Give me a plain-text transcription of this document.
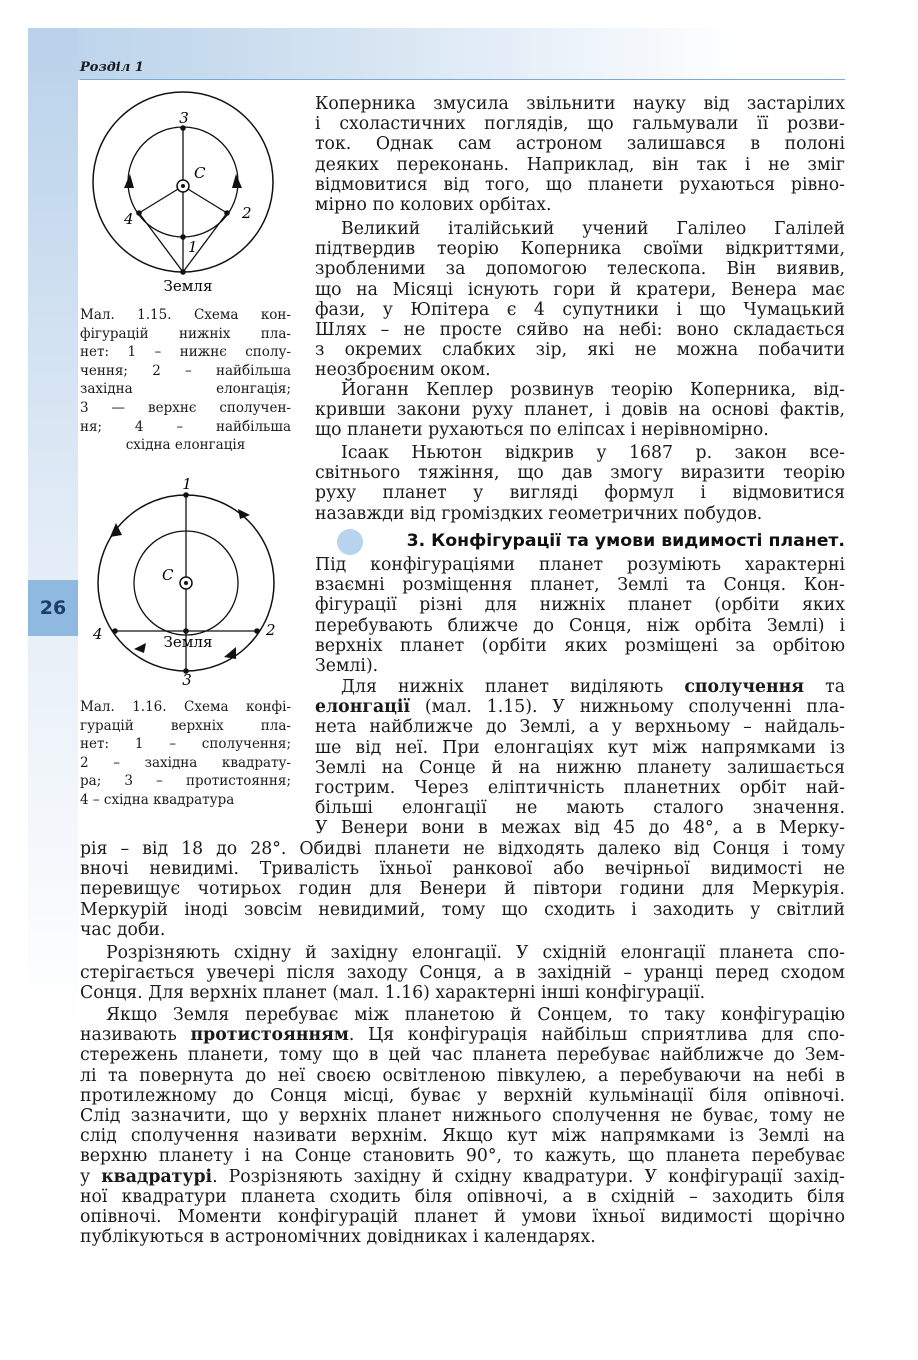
Розділ 1
26
3
C
4	2
1
Земля
Мал. 1.15. Схема кон-
фігурацій нижніх пла-
нет: 1 – нижнє сполу-
чення; 2 – найбільша
західна елонгація;
3 — верхнє сполучен-
ня; 4 – найбільша
східна елонгація
1
C
4	2
Земля
3
Мал. 1.16. Схема конфі-
гурацій верхніх пла-
нет: 1 – сполучення;
2 – західна квадрату-
ра; 3 – протистояння;
4 – східна квадратура
Коперника змусила звільнити науку від застарілих
і схоластичних поглядів, що гальмували її розви-
ток. Однак сам астроном залишався в полоні
деяких переконань. Наприклад, він так і не зміг
відмовитися від того, що планети рухаються рівно-
мірно по колових орбітах.
Великий італійський учений Галілео Галілей
підтвердив теорію Коперника своїми відкриттями,
зробленими за допомогою телескопа. Він виявив,
що на Місяці існують гори й кратери, Венера має
фази, у Юпітера є 4 супутники і що Чумацький
Шлях – не просте сяйво на небі: воно складається
з окремих слабких зір, які не можна побачити
неозброєним оком.
Йоганн Кеплер розвинув теорію Коперника, від-
кривши закони руху планет, і довів на основі фактів,
що планети рухаються по еліпсах і нерівномірно.
Ісаак Ньютон відкрив у 1687 р. закон все-
світнього тяжіння, що дав змогу виразити теорію
руху планет у вигляді формул і відмовитися
назавжди від громіздких геометричних побудов.
3. Конфігурації та умови видимості планет.
Під конфігураціями планет розуміють характерні
взаємні розміщення планет, Землі та Сонця. Кон-
фігурації різні для нижніх планет (орбіти яких
перебувають ближче до Сонця, ніж орбіта Землі) і
верхніх планет (орбіти яких розміщені за орбітою
Землі).
Для нижніх планет виділяють сполучення та
елонгації (мал. 1.15). У нижньому сполученні пла-
нета найближче до Землі, а у верхньому – найдаль-
ше від неї. При елонгаціях кут між напрямками із
Землі на Сонце й на нижню планету залишається
гострим. Через еліптичність планетних орбіт най-
більші елонгації не мають сталого значення.
У Венери вони в межах від 45 до 48°, а в Мерку-
рія – від 18 до 28°. Обидві планети не відходять далеко від Сонця і тому
вночі невидимі. Тривалість їхньої ранкової або вечірньої видимості не
перевищує чотирьох годин для Венери й півтори години для Меркурія.
Меркурій іноді зовсім невидимий, тому що сходить і заходить у світлий
час доби.
Розрізняють східну й західну елонгації. У східній елонгації планета спо-
стерігається увечері після заходу Сонця, а в західній – уранці перед сходом
Сонця. Для верхніх планет (мал. 1.16) характерні інші конфігурації.
Якщо Земля перебуває між планетою й Сонцем, то таку конфігурацію
називають протистоянням. Ця конфігурація найбільш сприятлива для спо-
стережень планети, тому що в цей час планета перебуває найближче до Зем-
лі та повернута до неї своєю освітленою півкулею, а перебуваючи на небі в
протилежному до Сонця місці, буває у верхній кульмінації біля опівночі.
Слід зазначити, що у верхніх планет нижнього сполучення не буває, тому не
слід сполучення називати верхнім. Якщо кут між напрямками із Землі на
верхню планету і на Сонце становить 90°, то кажуть, що планета перебуває
у квадратурі. Розрізняють західну й східну квадратури. У конфігурації захід-
ної квадратури планета сходить біля опівночі, а в східній – заходить біля
опівночі. Моменти конфігурацій планет й умови їхньої видимості щорічно
публікуються в астрономічних довідниках і календарях.
